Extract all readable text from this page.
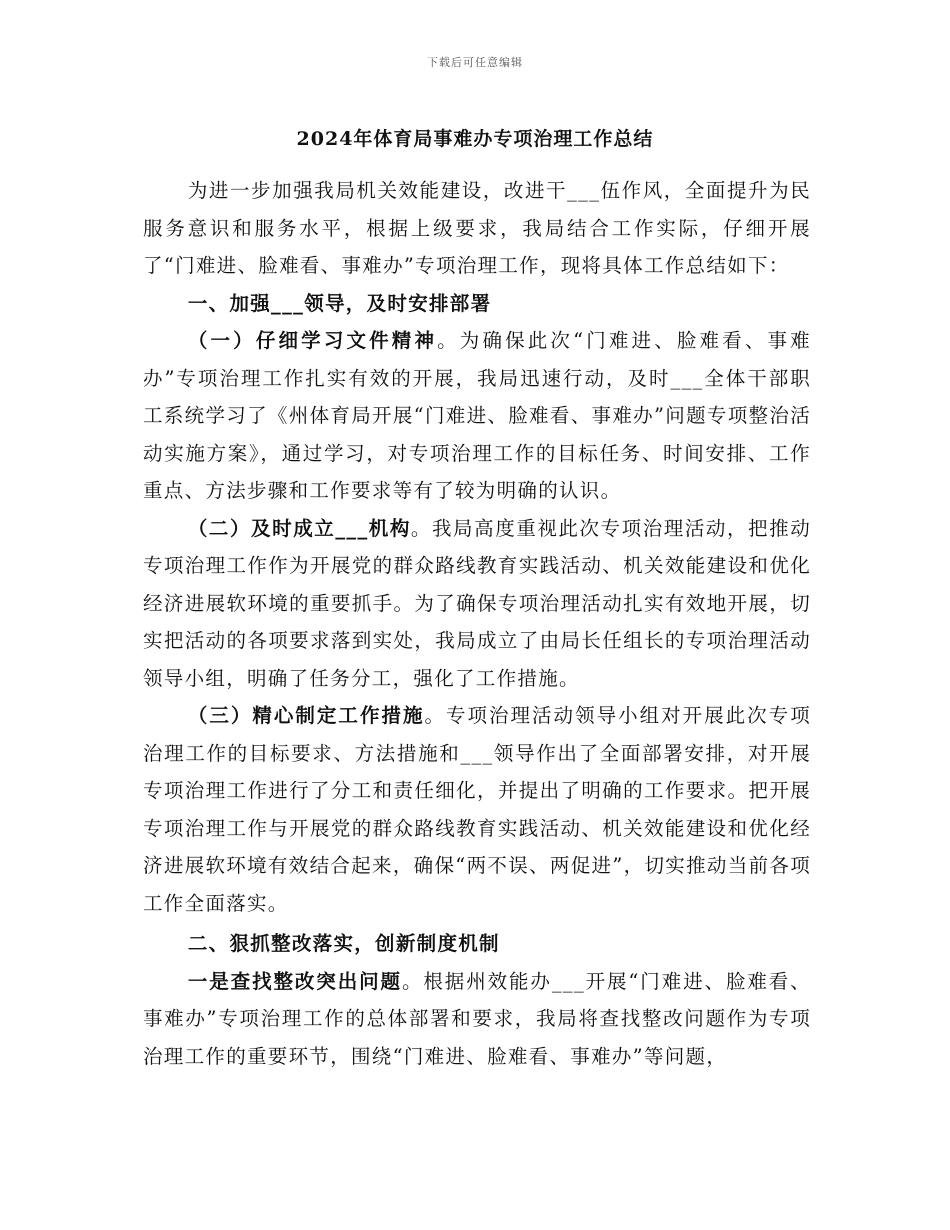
下载后可任意编辑
2024年体育局事难办专项治理工作总结

为进一步加强我局机关效能建设，改进干___伍作风，全面提升为民服务意识和服务水平，根据上级要求，我局结合工作实际，仔细开展了“门难进、脸难看、事难办”专项治理工作，现将具体工作总结如下：

一、加强___领导，及时安排部署

（一）仔细学习文件精神。为确保此次“门难进、脸难看、事难办”专项治理工作扎实有效的开展，我局迅速行动，及时___全体干部职工系统学习了《州体育局开展“门难进、脸难看、事难办”问题专项整治活动实施方案》，通过学习，对专项治理工作的目标任务、时间安排、工作重点、方法步骤和工作要求等有了较为明确的认识。

（二）及时成立___机构。我局高度重视此次专项治理活动，把推动专项治理工作作为开展党的群众路线教育实践活动、机关效能建设和优化经济进展软环境的重要抓手。为了确保专项治理活动扎实有效地开展，切实把活动的各项要求落到实处，我局成立了由局长任组长的专项治理活动领导小组，明确了任务分工，强化了工作措施。

（三）精心制定工作措施。专项治理活动领导小组对开展此次专项治理工作的目标要求、方法措施和___领导作出了全面部署安排，对开展专项治理工作进行了分工和责任细化，并提出了明确的工作要求。把开展专项治理工作与开展党的群众路线教育实践活动、机关效能建设和优化经济进展软环境有效结合起来，确保“两不误、两促进”，切实推动当前各项工作全面落实。

二、狠抓整改落实，创新制度机制

一是查找整改突出问题。根据州效能办___开展“门难进、脸难看、事难办”专项治理工作的总体部署和要求，我局将查找整改问题作为专项治理工作的重要环节，围绕“门难进、脸难看、事难办”等问题，
